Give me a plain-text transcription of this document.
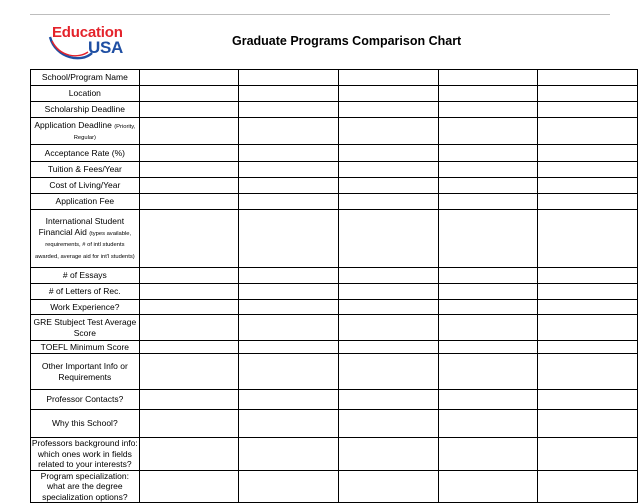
Education
USA	Graduate Programs Comparison Chart
School/Program Name					
Location					
Scholarship Deadline					
Application Deadline (Priority, Regular)					
Acceptance Rate (%)					
Tuition & Fees/Year					
Cost of Living/Year					
Application Fee					

International Student Financial Aid (types available, requirements, # of intl students awarded, average aid for int'l students)					

# of Essays					
# of Letters of Rec.					
Work Experience?					

GRE Stubject Test Average Score					

TOEFL Minimum Score					

Other Important Info or Requirements					

Professor Contacts?					
Why this School?					
Professors background info: which ones work in fields related to your interests?					
Program specialization: what are the degree specialization options?					
